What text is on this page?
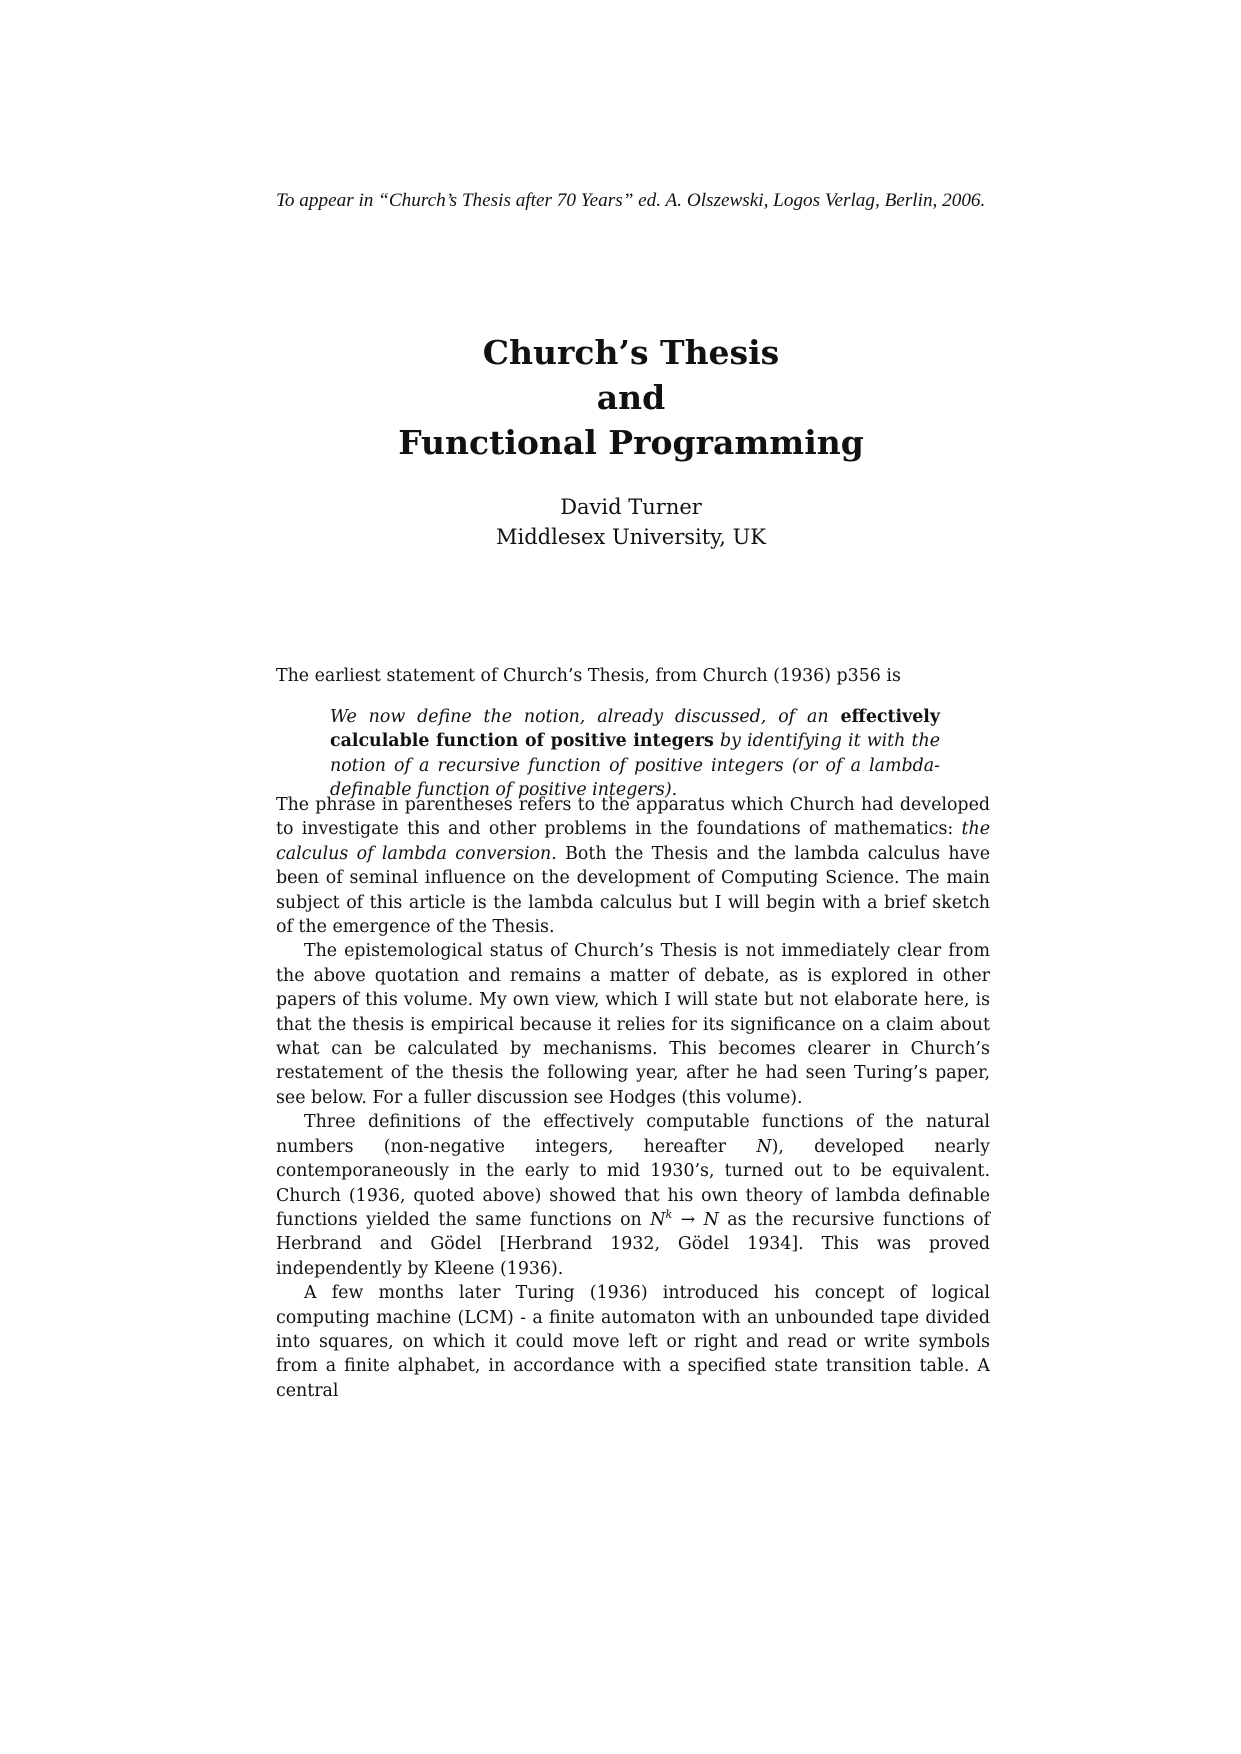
To appear in “Church’s Thesis after 70 Years” ed. A. Olszewski, Logos Verlag, Berlin, 2006.
Church’s Thesis
and
Functional Programming
David Turner
Middlesex University, UK

The earliest statement of Church’s Thesis, from Church (1936) p356 is

We now define the notion, already discussed, of an effectively calculable function of positive integers by identifying it with the notion of a recursive function of positive integers (or of a lambda-definable function of positive integers).

The phrase in parentheses refers to the apparatus which Church had developed to investigate this and other problems in the foundations of mathematics: the calculus of lambda conversion. Both the Thesis and the lambda calculus have been of seminal influence on the development of Computing Science. The main subject of this article is the lambda calculus but I will begin with a brief sketch of the emergence of the Thesis.

The epistemological status of Church’s Thesis is not immediately clear from the above quotation and remains a matter of debate, as is explored in other papers of this volume. My own view, which I will state but not elaborate here, is that the thesis is empirical because it relies for its significance on a claim about what can be calculated by mechanisms. This becomes clearer in Church’s restatement of the thesis the following year, after he had seen Turing’s paper, see below. For a fuller discussion see Hodges (this volume).

Three definitions of the effectively computable functions of the natural numbers (non-negative integers, hereafter N), developed nearly contemporaneously in the early to mid 1930’s, turned out to be equivalent. Church (1936, quoted above) showed that his own theory of lambda definable functions yielded the same functions on $N^k \to N$ as the recursive functions of Herbrand and Gödel [Herbrand 1932, Gödel 1934]. This was proved independently by Kleene (1936).

A few months later Turing (1936) introduced his concept of logical computing machine (LCM) - a finite automaton with an unbounded tape divided into squares, on which it could move left or right and read or write symbols from a finite alphabet, in accordance with a specified state transition table. A central
